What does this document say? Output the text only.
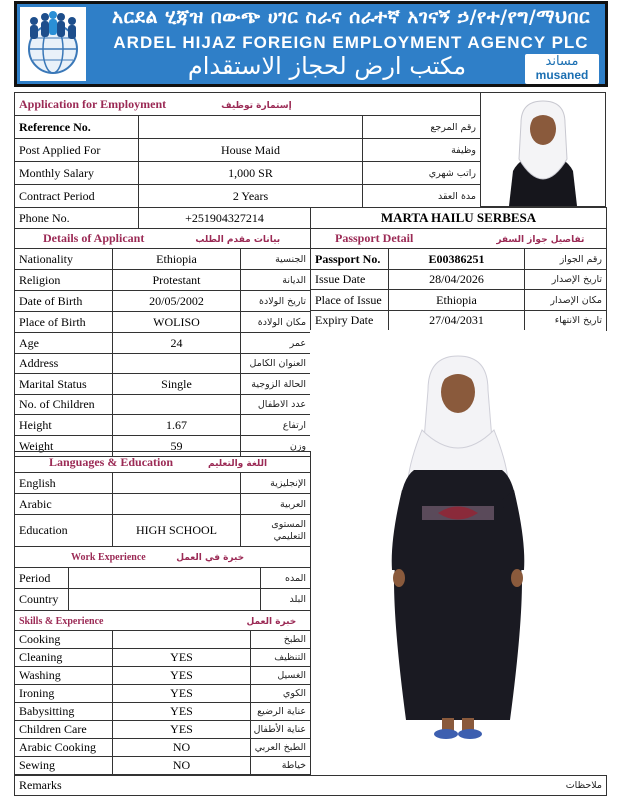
አርደል ሂጃዝ በውጭ ሀገር ስራና ሰራተኛ አገናኝ ኃ/የተ/የግ/ማህበር
ARDEL HIJAZ FOREIGN EMPLOYMENT AGENCY PLC
مكتب ارض لحجاز الاستقدام	مساند
musaned
Application for Employment إستمارة توظيف		
Reference No.		رقم المرجع
Post Applied For	House Maid	وظيفة
Monthly Salary	1,000 SR	راتب شهري
Contract Period	2 Years	مدة العقد
Phone No.	+251904327214	MARTA HAILU SERBESA
Details of Applicant بيانات مقدم الطلب		
Nationality	Ethiopia	الجنسية
Religion	Protestant	الديانة
Date of Birth	20/05/2002	تاريخ الولادة
Place of Birth	WOLISO	مكان الولادة
Age	24	عمر
Address		العنوان الكامل
Marital Status	Single	الحالة الزوجية
No. of Children		عدد الاطفال
Height	1.67	ارتفاع
Weight	59	وزن
Passport Detail تفاصيل جواز السفر		
Passport No.	E00386251	رقم الجواز
Issue Date	28/04/2026	تاريخ الإصدار
Place of Issue	Ethiopia	مكان الإصدار
Expiry Date	27/04/2031	تاريخ الانتهاء
Languages & Education اللغة والتعليم		
English		الإنجليزية
Arabic		العربية
Education	HIGH SCHOOL	المستوى التعليمي
Work Experience خبرة في العمل		
Period		المده
Country		البلد
Skills & Experience خبرة العمل		
Cooking		الطبخ
Cleaning	YES	التنظيف
Washing	YES	الغسيل
Ironing	YES	الكوي
Babysitting	YES	عناية الرضيع
Children Care	YES	عناية الأطفال
Arabic Cooking	NO	الطبخ العربي
Sewing	NO	خياطة
Remarks	ملاحظات
